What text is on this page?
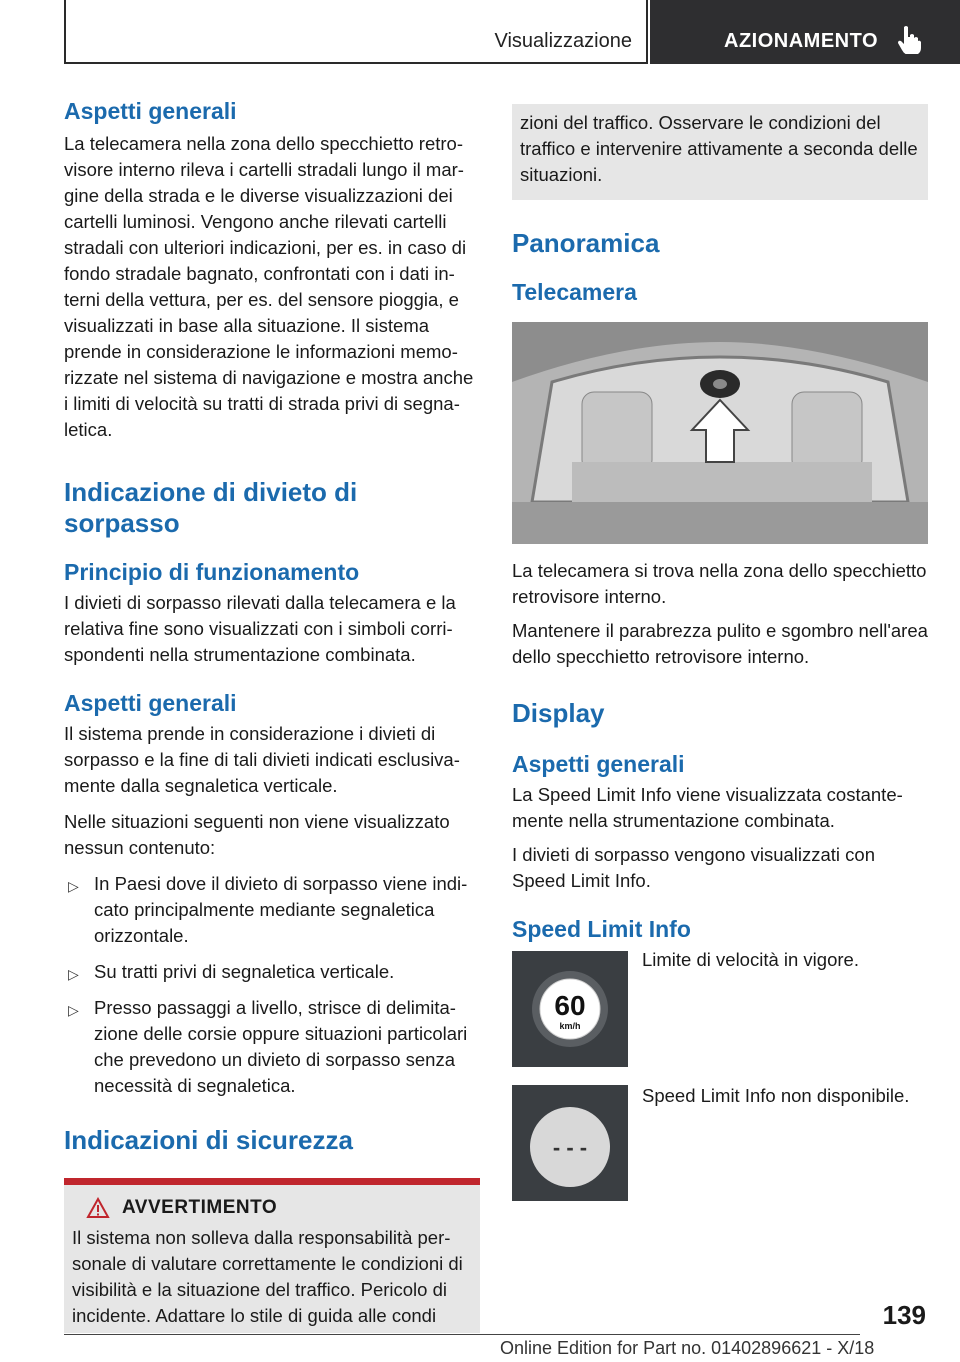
Visualizzazione	AZIONAMENTO
Aspetti generali

La telecamera nella zona dello specchietto retrovisore interno rileva i cartelli stradali lungo il margine della strada e le diverse visualizzazioni dei cartelli luminosi. Vengono anche rilevati cartelli stradali con ulteriori indicazioni, per es. in caso di fondo stradale bagnato, confrontati con i dati interni della vettura, per es. del sensore pioggia, e visualizzati in base alla situazione. Il sistema prende in considerazione le informazioni memorizzate nel sistema di navigazione e mostra anche i limiti di velocità su tratti di strada privi di segnaletica.

Indicazione di divieto di sorpasso
Principio di funzionamento

I divieti di sorpasso rilevati dalla telecamera e la relativa fine sono visualizzati con i simboli corrispondenti nella strumentazione combinata.

Aspetti generali

Il sistema prende in considerazione i divieti di sorpasso e la fine di tali divieti indicati esclusivamente dalla segnaletica verticale.

Nelle situazioni seguenti non viene visualizzato nessun contenuto:

▷ In Paesi dove il divieto di sorpasso viene indicato principalmente mediante segnaletica orizzontale.
▷ Su tratti privi di segnaletica verticale.
▷ Presso passaggi a livello, strisce di delimitazione delle corsie oppure situazioni particolari che prevedono un divieto di sorpasso senza necessità di segnaletica.
Indicazioni di sicurezza
AVVERTIMENTO

Il sistema non solleva dalla responsabilità personale di valutare correttamente le condizioni di visibilità e la situazione del traffico. Pericolo di incidente. Adattare lo stile di guida alle condi

zioni del traffico. Osservare le condizioni del traffico e intervenire attivamente a seconda delle situazioni.

Panoramica
Telecamera

La telecamera si trova nella zona dello specchietto retrovisore interno.

Mantenere il parabrezza pulito e sgombro nell'area dello specchietto retrovisore interno.

Display
Aspetti generali

La Speed Limit Info viene visualizzata costantemente nella strumentazione combinata.

I divieti di sorpasso vengono visualizzati con Speed Limit Info.

Speed Limit Info
60
km/h

Limite di velocità in vigore.

- - -

Speed Limit Info non disponibile.

139
Online Edition for Part no. 01402896621 - X/18
